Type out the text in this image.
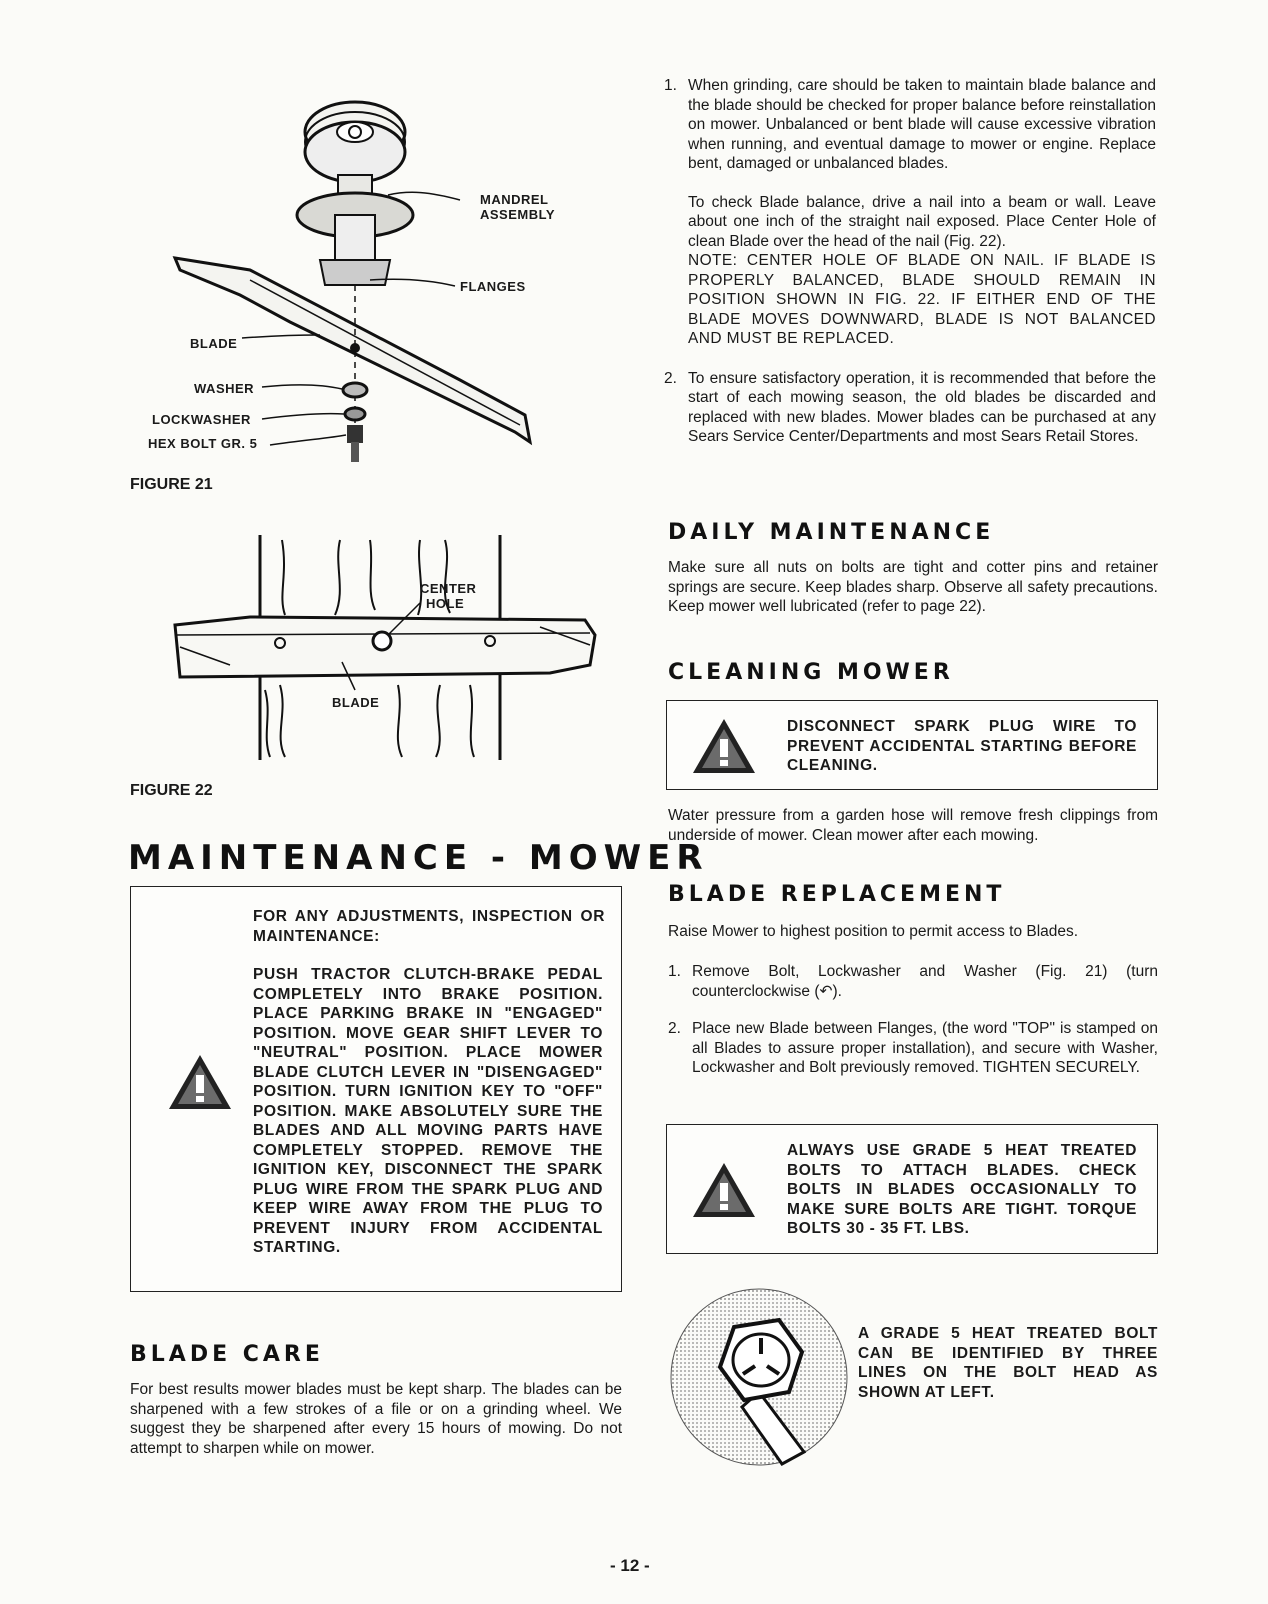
MANDREL
ASSEMBLY
FLANGES
BLADE
WASHER
LOCKWASHER
HEX BOLT GR. 5
FIGURE 21
CENTER
HOLE
BLADE
FIGURE 22
MAINTENANCE - MOWER
FOR ANY ADJUSTMENTS, INSPECTION OR MAINTENANCE:
PUSH TRACTOR CLUTCH-BRAKE PEDAL COMPLETELY INTO BRAKE POSITION. PLACE PARKING BRAKE IN "ENGAGED" POSITION. MOVE GEAR SHIFT LEVER TO "NEUTRAL" POSITION. PLACE MOWER BLADE CLUTCH LEVER IN "DISENGAGED" POSITION. TURN IGNITION KEY TO "OFF" POSITION. MAKE ABSOLUTELY SURE THE BLADES AND ALL MOVING PARTS HAVE COMPLETELY STOPPED. REMOVE THE IGNITION KEY, DISCONNECT THE SPARK PLUG WIRE FROM THE SPARK PLUG AND KEEP WIRE AWAY FROM THE PLUG TO PREVENT INJURY FROM ACCIDENTAL STARTING.
BLADE CARE

For best results mower blades must be kept sharp. The blades can be sharpened with a few strokes of a file or on a grinding wheel. We suggest they be sharpened after every 15 hours of mowing. Do not attempt to sharpen while on mower.

1. When grinding, care should be taken to maintain blade balance and the blade should be checked for proper balance before reinstallation on mower. Unbalanced or bent blade will cause excessive vibration when running, and eventual damage to mower or engine. Replace bent, damaged or unbalanced blades.

To check Blade balance, drive a nail into a beam or wall. Leave about one inch of the straight nail exposed. Place Center Hole of clean Blade over the head of the nail (Fig. 22).

NOTE: CENTER HOLE OF BLADE ON NAIL. IF BLADE IS PROPERLY BALANCED, BLADE SHOULD REMAIN IN POSITION SHOWN IN FIG. 22. IF EITHER END OF THE BLADE MOVES DOWNWARD, BLADE IS NOT BALANCED AND MUST BE REPLACED.

2. To ensure satisfactory operation, it is recommended that before the start of each mowing season, the old blades be discarded and replaced with new blades. Mower blades can be purchased at any Sears Service Center/Departments and most Sears Retail Stores.

DAILY MAINTENANCE

Make sure all nuts on bolts are tight and cotter pins and retainer springs are secure. Keep blades sharp. Observe all safety precautions. Keep mower well lubricated (refer to page 22).

CLEANING MOWER
DISCONNECT SPARK PLUG WIRE TO PREVENT ACCIDENTAL STARTING BEFORE CLEANING.

Water pressure from a garden hose will remove fresh clippings from underside of mower. Clean mower after each mowing.

BLADE REPLACEMENT

Raise Mower to highest position to permit access to Blades.

1. Remove Bolt, Lockwasher and Washer (Fig. 21) (turn counterclockwise (↶).

2. Place new Blade between Flanges, (the word "TOP" is stamped on all Blades to assure proper installation), and secure with Washer, Lockwasher and Bolt previously removed. TIGHTEN SECURELY.

ALWAYS USE GRADE 5 HEAT TREATED BOLTS TO ATTACH BLADES. CHECK BOLTS IN BLADES OCCASIONALLY TO MAKE SURE BOLTS ARE TIGHT. TORQUE BOLTS 30 - 35 FT. LBS.
A GRADE 5 HEAT TREATED BOLT CAN BE IDENTIFIED BY THREE LINES ON THE BOLT HEAD AS SHOWN AT LEFT.
- 12 -
